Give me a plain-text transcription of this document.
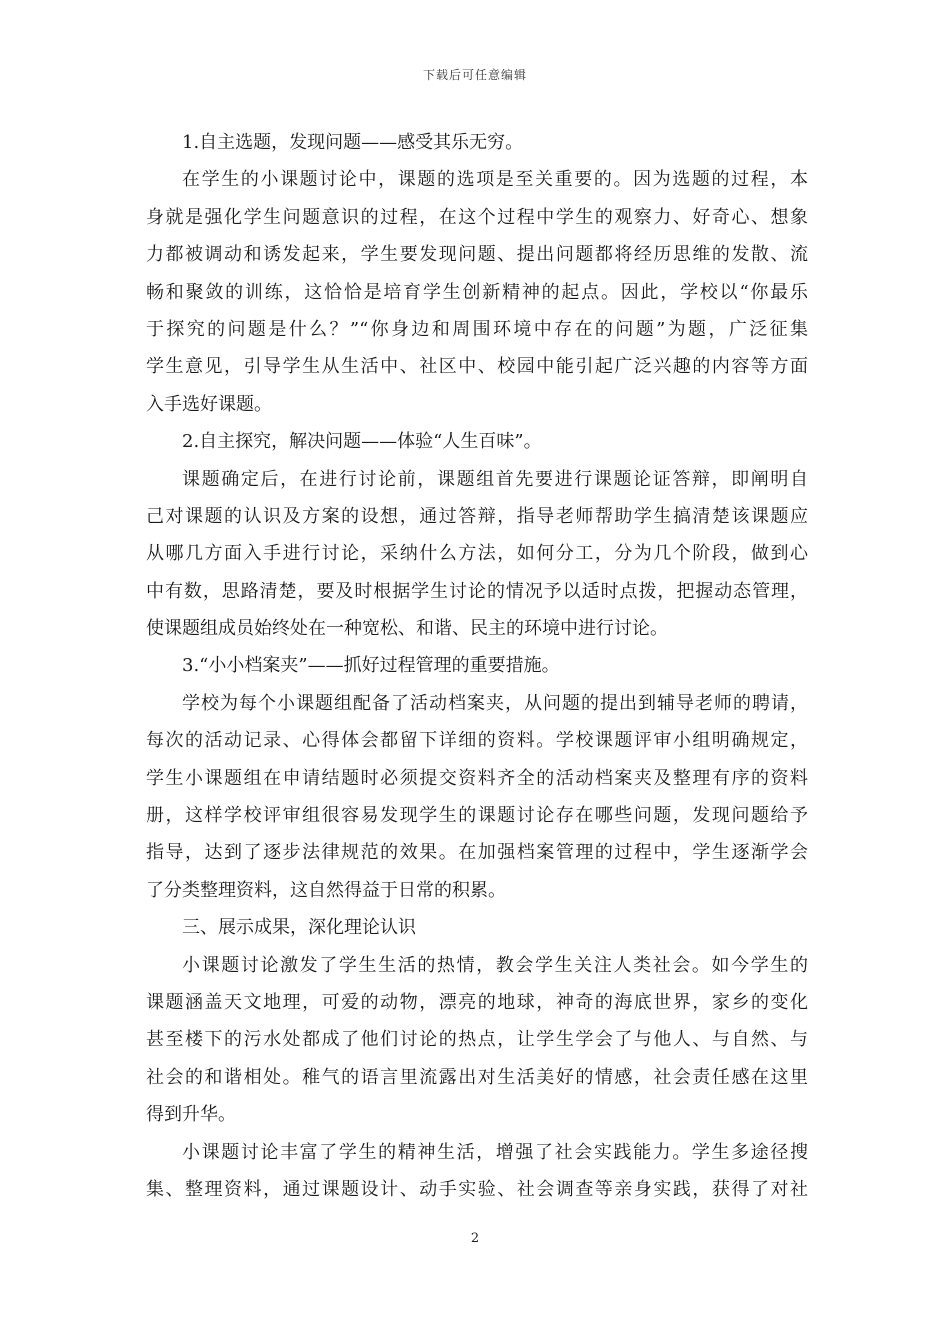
下载后可任意编辑
1.自主选题，发现问题——感受其乐无穷。
在学生的小课题讨论中，课题的选项是至关重要的。因为选题的过程，本
身就是强化学生问题意识的过程，在这个过程中学生的观察力、好奇心、想象
力都被调动和诱发起来，学生要发现问题、提出问题都将经历思维的发散、流
畅和聚敛的训练，这恰恰是培育学生创新精神的起点。因此，学校以“你最乐
于探究的问题是什么？”“你身边和周围环境中存在的问题”为题，广泛征集
学生意见，引导学生从生活中、社区中、校园中能引起广泛兴趣的内容等方面
入手选好课题。
2.自主探究，解决问题——体验“人生百味”。
课题确定后，在进行讨论前，课题组首先要进行课题论证答辩，即阐明自
己对课题的认识及方案的设想，通过答辩，指导老师帮助学生搞清楚该课题应
从哪几方面入手进行讨论，采纳什么方法，如何分工，分为几个阶段，做到心
中有数，思路清楚，要及时根据学生讨论的情况予以适时点拨，把握动态管理，
使课题组成员始终处在一种宽松、和谐、民主的环境中进行讨论。
3.“小小档案夹”——抓好过程管理的重要措施。
学校为每个小课题组配备了活动档案夹，从问题的提出到辅导老师的聘请，
每次的活动记录、心得体会都留下详细的资料。学校课题评审小组明确规定，
学生小课题组在申请结题时必须提交资料齐全的活动档案夹及整理有序的资料
册，这样学校评审组很容易发现学生的课题讨论存在哪些问题，发现问题给予
指导，达到了逐步法律规范的效果。在加强档案管理的过程中，学生逐渐学会
了分类整理资料，这自然得益于日常的积累。
三、展示成果，深化理论认识
小课题讨论激发了学生生活的热情，教会学生关注人类社会。如今学生的
课题涵盖天文地理，可爱的动物，漂亮的地球，神奇的海底世界，家乡的变化
甚至楼下的污水处都成了他们讨论的热点，让学生学会了与他人、与自然、与
社会的和谐相处。稚气的语言里流露出对生活美好的情感，社会责任感在这里
得到升华。
小课题讨论丰富了学生的精神生活，增强了社会实践能力。学生多途径搜
集、整理资料，通过课题设计、动手实验、社会调查等亲身实践，获得了对社
2
